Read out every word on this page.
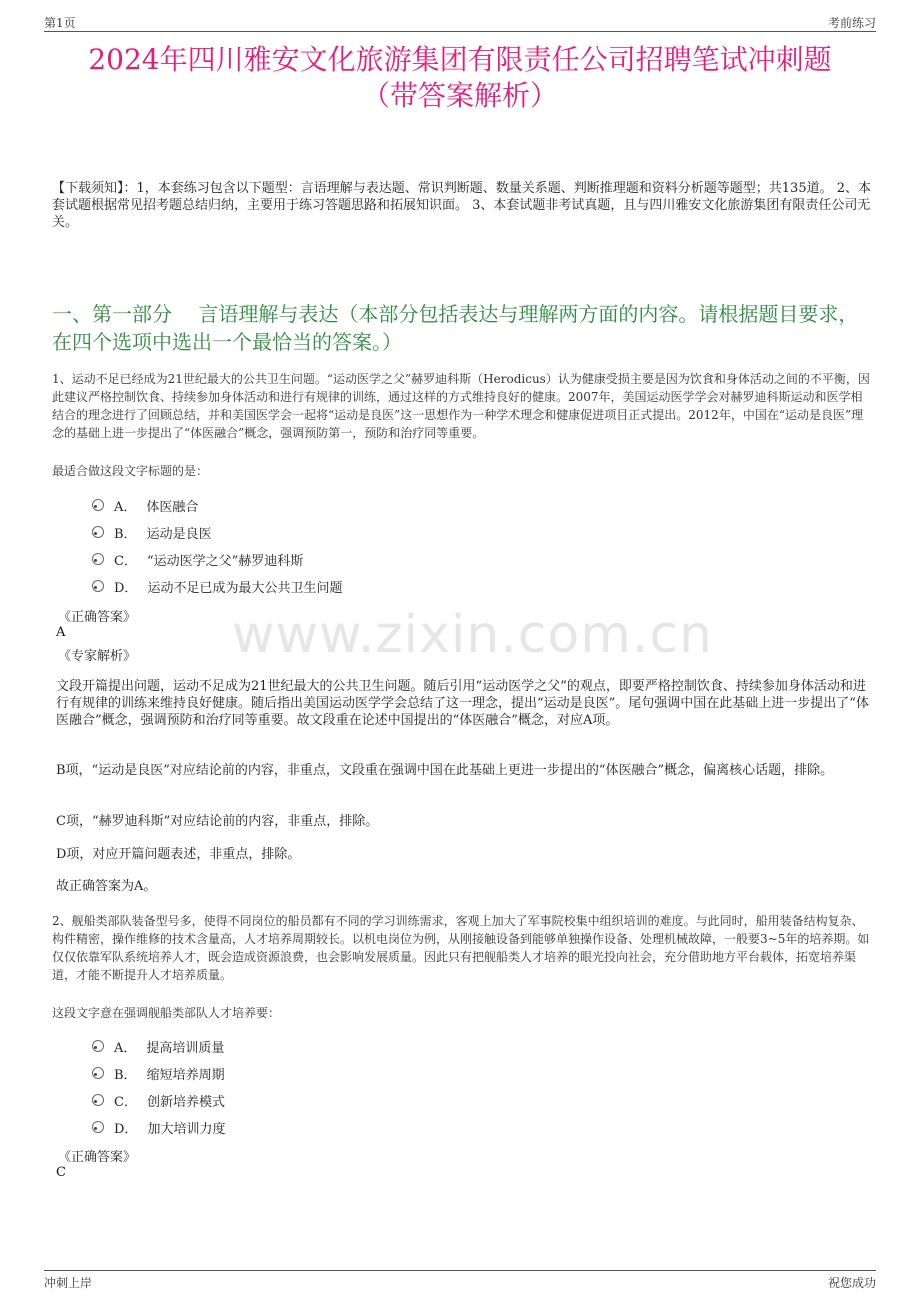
第1页	考前练习
2024年四川雅安文化旅游集团有限责任公司招聘笔试冲刺题
（带答案解析）
【下载须知】：1，本套练习包含以下题型：言语理解与表达题、常识判断题、数量关系题、判断推理题和资料分析题等题型；共135道。 2、本套试题根据常见招考题总结归纳，主要用于练习答题思路和拓展知识面。 3、本套试题非考试真题，且与四川雅安文化旅游集团有限责任公司无关。
一、第一部分　 言语理解与表达（本部分包括表达与理解两方面的内容。请根据题目要求，在四个选项中选出一个最恰当的答案。）
www.zixin.com.cn
1、运动不足已经成为21世纪最大的公共卫生问题。“运动医学之父”赫罗迪科斯（Herodicus）认为健康受损主要是因为饮食和身体活动之间的不平衡，因此建议严格控制饮食、持续参加身体活动和进行有规律的训练，通过这样的方式维持良好的健康。2007年，美国运动医学学会对赫罗迪科斯运动和医学相结合的理念进行了回顾总结，并和美国医学会一起将“运动是良医”这一思想作为一种学术理念和健康促进项目正式提出。2012年，中国在“运动是良医”理念的基础上进一步提出了“体医融合”概念，强调预防第一，预防和治疗同等重要。
最适合做这段文字标题的是：
A． 体医融合
B． 运动是良医
C． “运动医学之父”赫罗迪科斯
D． 运动不足已成为最大公共卫生问题
《正确答案》
A
《专家解析》
文段开篇提出问题，运动不足成为21世纪最大的公共卫生问题。随后引用“运动医学之父”的观点，即要严格控制饮食、持续参加身体活动和进行有规律的训练来维持良好健康。随后指出美国运动医学学会总结了这一理念，提出“运动是良医”。尾句强调中国在此基础上进一步提出了“体医融合”概念，强调预防和治疗同等重要。故文段重在论述中国提出的“体医融合”概念，对应A项。
B项，“运动是良医”对应结论前的内容，非重点，文段重在强调中国在此基础上更进一步提出的“体医融合”概念，偏离核心话题，排除。
C项，“赫罗迪科斯”对应结论前的内容，非重点，排除。
D项，对应开篇问题表述，非重点，排除。
故正确答案为A。
2、舰船类部队装备型号多，使得不同岗位的船员都有不同的学习训练需求，客观上加大了军事院校集中组织培训的难度。与此同时，船用装备结构复杂、构件精密，操作维修的技术含量高，人才培养周期较长。以机电岗位为例，从刚接触设备到能够单独操作设备、处理机械故障，一般要3~5年的培养期。如仅仅依靠军队系统培养人才，既会造成资源浪费，也会影响发展质量。因此只有把舰船类人才培养的眼光投向社会，充分借助地方平台载体，拓宽培养渠道，才能不断提升人才培养质量。
这段文字意在强调舰船类部队人才培养要：
A． 提高培训质量
B． 缩短培养周期
C． 创新培养模式
D． 加大培训力度
《正确答案》
C
冲刺上岸	祝您成功
